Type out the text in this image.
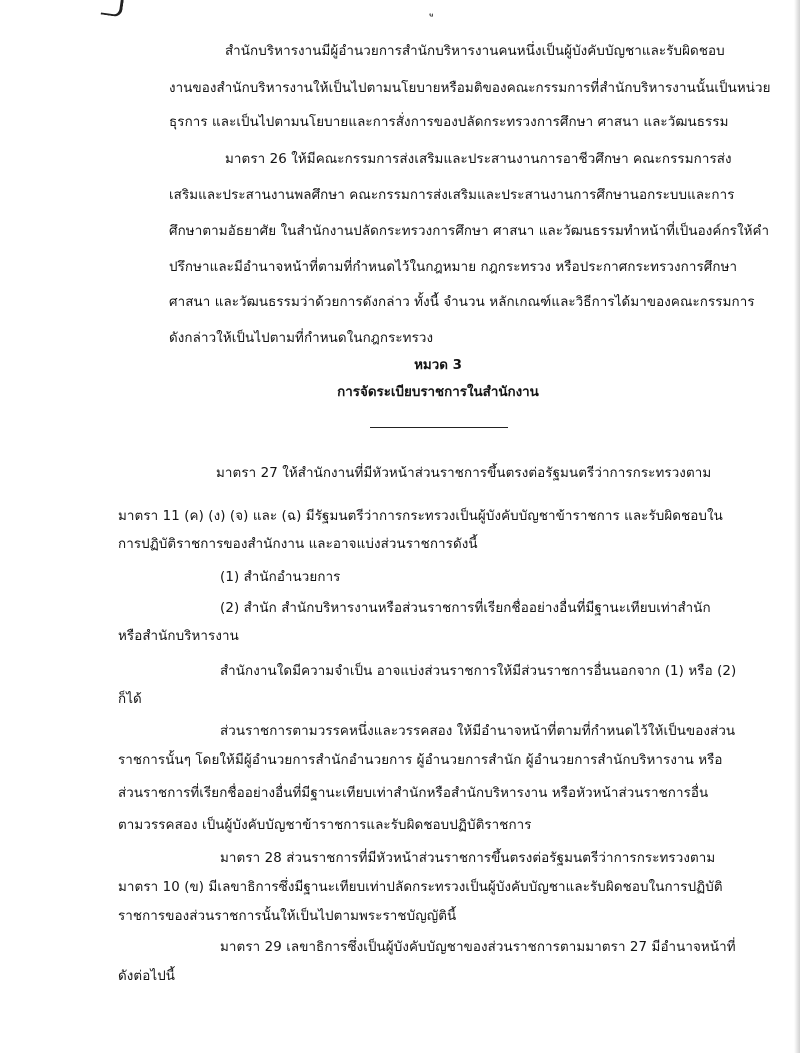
สำนักบริหารงานมีผู้อำนวยการสำนักบริหารงานคนหนึ่งเป็นผู้บังคับบัญชาและรับผิดชอบ

งานของสำนักบริหารงานให้เป็นไปตามนโยบายหรือมติของคณะกรรมการที่สำนักบริหารงานนั้นเป็นหน่วย

ธุรการ และเป็นไปตามนโยบายและการสั่งการของปลัดกระทรวงการศึกษา ศาสนา และวัฒนธรรม

มาตรา 26 ให้มีคณะกรรมการส่งเสริมและประสานงานการอาชีวศึกษา คณะกรรมการส่ง

เสริมและประสานงานพลศึกษา คณะกรรมการส่งเสริมและประสานงานการศึกษานอกระบบและการ

ศึกษาตามอัธยาศัย ในสำนักงานปลัดกระทรวงการศึกษา ศาสนา และวัฒนธรรมทำหน้าที่เป็นองค์กรให้คำ

ปรึกษาและมีอำนาจหน้าที่ตามที่กำหนดไว้ในกฎหมาย กฎกระทรวง หรือประกาศกระทรวงการศึกษา

ศาสนา และวัฒนธรรมว่าด้วยการดังกล่าว ทั้งนี้ จำนวน หลักเกณฑ์และวิธีการได้มาของคณะกรรมการ

ดังกล่าวให้เป็นไปตามที่กำหนดในกฎกระทรวง

หมวด 3

การจัดระเบียบราชการในสำนักงาน

มาตรา 27 ให้สำนักงานที่มีหัวหน้าส่วนราชการขึ้นตรงต่อรัฐมนตรีว่าการกระทรวงตาม

มาตรา 11 (ค) (ง) (จ) และ (ฉ) มีรัฐมนตรีว่าการกระทรวงเป็นผู้บังคับบัญชาข้าราชการ และรับผิดชอบใน

การปฏิบัติราชการของสำนักงาน และอาจแบ่งส่วนราชการดังนี้

(1) สำนักอำนวยการ

(2) สำนัก สำนักบริหารงานหรือส่วนราชการที่เรียกชื่ออย่างอื่นที่มีฐานะเทียบเท่าสำนัก

หรือสำนักบริหารงาน

สำนักงานใดมีความจำเป็น อาจแบ่งส่วนราชการให้มีส่วนราชการอื่นนอกจาก (1) หรือ (2)

ก็ได้

ส่วนราชการตามวรรคหนึ่งและวรรคสอง ให้มีอำนาจหน้าที่ตามที่กำหนดไว้ให้เป็นของส่วน

ราชการนั้นๆ โดยให้มีผู้อำนวยการสำนักอำนวยการ ผู้อำนวยการสำนัก ผู้อำนวยการสำนักบริหารงาน หรือ

ส่วนราชการที่เรียกชื่ออย่างอื่นที่มีฐานะเทียบเท่าสำนักหรือสำนักบริหารงาน หรือหัวหน้าส่วนราชการอื่น

ตามวรรคสอง เป็นผู้บังคับบัญชาข้าราชการและรับผิดชอบปฏิบัติราชการ

มาตรา 28 ส่วนราชการที่มีหัวหน้าส่วนราชการขึ้นตรงต่อรัฐมนตรีว่าการกระทรวงตาม

มาตรา 10 (ข) มีเลขาธิการซึ่งมีฐานะเทียบเท่าปลัดกระทรวงเป็นผู้บังคับบัญชาและรับผิดชอบในการปฏิบัติ

ราชการของส่วนราชการนั้นให้เป็นไปตามพระราชบัญญัตินี้

มาตรา 29 เลขาธิการซึ่งเป็นผู้บังคับบัญชาของส่วนราชการตามมาตรา 27 มีอำนาจหน้าที่

ดังต่อไปนี้
